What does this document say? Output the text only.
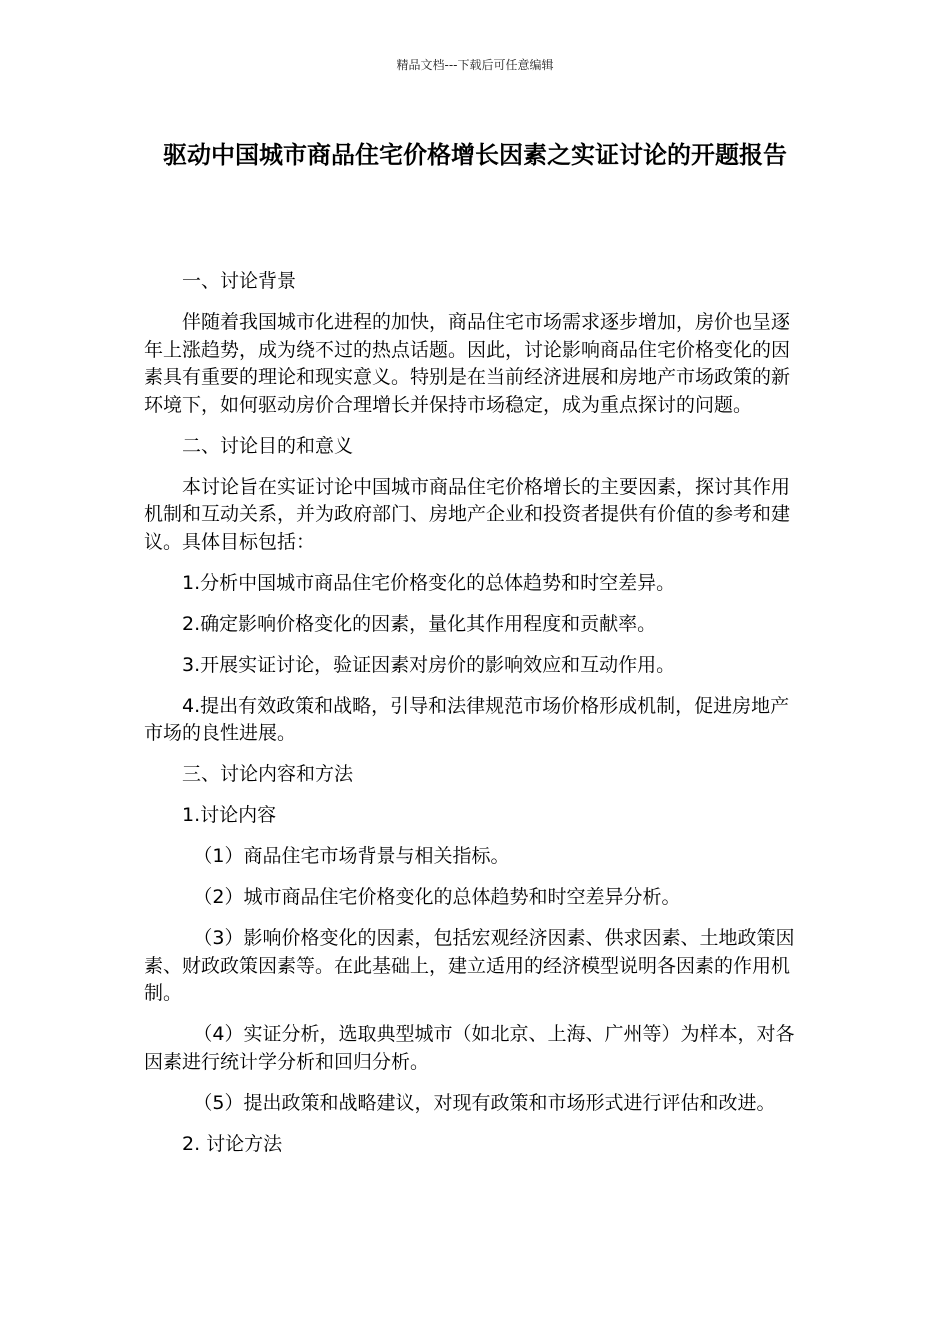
精品文档---下载后可任意编辑
驱动中国城市商品住宅价格增长因素之实证讨论的开题报告

一、讨论背景

伴随着我国城市化进程的加快，商品住宅市场需求逐步增加，房价也呈逐年上涨趋势，成为绕不过的热点话题。因此，讨论影响商品住宅价格变化的因素具有重要的理论和现实意义。特别是在当前经济进展和房地产市场政策的新环境下，如何驱动房价合理增长并保持市场稳定，成为重点探讨的问题。

二、讨论目的和意义

本讨论旨在实证讨论中国城市商品住宅价格增长的主要因素，探讨其作用机制和互动关系，并为政府部门、房地产企业和投资者提供有价值的参考和建议。具体目标包括：

1.分析中国城市商品住宅价格变化的总体趋势和时空差异。

2.确定影响价格变化的因素，量化其作用程度和贡献率。

3.开展实证讨论，验证因素对房价的影响效应和互动作用。

4.提出有效政策和战略，引导和法律规范市场价格形成机制，促进房地产市场的良性进展。

三、讨论内容和方法

1.讨论内容

（1）商品住宅市场背景与相关指标。

（2）城市商品住宅价格变化的总体趋势和时空差异分析。

（3）影响价格变化的因素，包括宏观经济因素、供求因素、土地政策因素、财政政策因素等。在此基础上，建立适用的经济模型说明各因素的作用机制。

（4）实证分析，选取典型城市（如北京、上海、广州等）为样本，对各因素进行统计学分析和回归分析。

（5）提出政策和战略建议，对现有政策和市场形式进行评估和改进。

2. 讨论方法
